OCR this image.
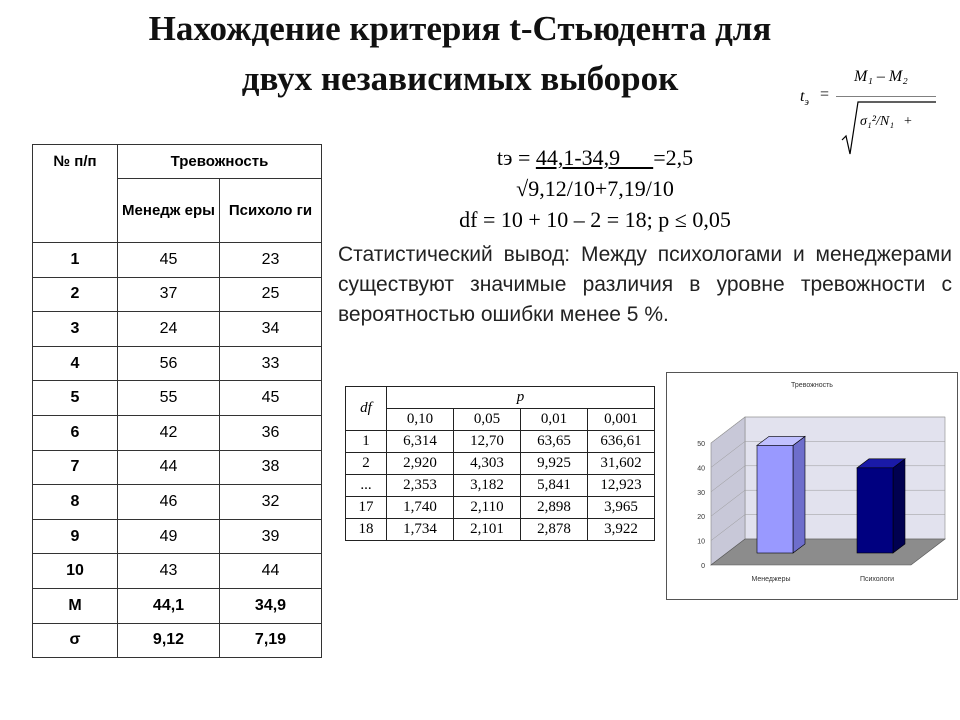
Нахождение критерия t-Стьюдента для
двух независимых выборок	$t_э$ =
M₁ – M₂
σ₁²/N₁ +
№ п/п	Тревожность	
	Менедж еры	Психоло ги
1	45	23
2	37	25
3	24	34
4	56	33
5	55	45
6	42	36
7	44	38
8	46	32
9	49	39
10	43	44
M	44,1	34,9
σ	9,12	7,19
tэ = 44,1-34,9      =2,5
√9,12/10+7,19/10
df = 10 + 10 – 2 = 18; p ≤ 0,05
Статистический вывод: Между психологами и менеджерами существуют значимые различия в уровне тревожности с вероятностью ошибки менее 5 %.
df	p			
	0,10	0,05	0,01	0,001
1	6,314	12,70	63,65	636,61
2	2,920	4,303	9,925	31,602
...	2,353	3,182	5,841	12,923
17	1,740	2,110	2,898	3,965
18	1,734	2,101	2,878	3,922
0
10
20
30
40
50
Тревожность
Менеджеры	Психологи
